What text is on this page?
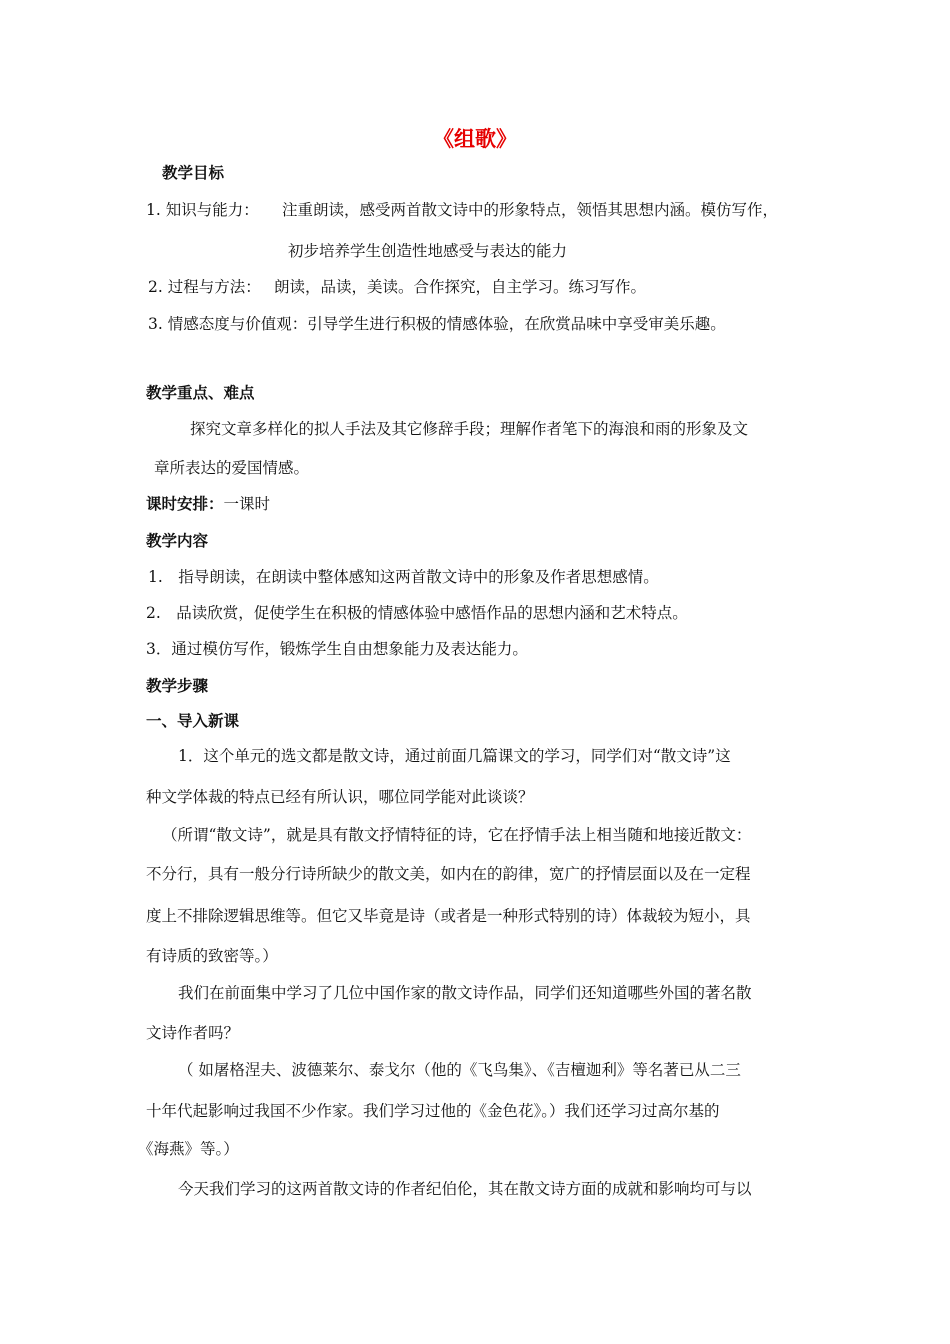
《组歌》
教学目标
1. 知识与能力： 注重朗读，感受两首散文诗中的形象特点，领悟其思想内涵。模仿写作，
初步培养学生创造性地感受与表达的能力
2. 过程与方法： 朗读，品读，美读。合作探究，自主学习。练习写作。
3. 情感态度与价值观：引导学生进行积极的情感体验，在欣赏品味中享受审美乐趣。
教学重点、难点
探究文章多样化的拟人手法及其它修辞手段；理解作者笔下的海浪和雨的形象及文
章所表达的爱国情感。
课时安排：一课时
教学内容
1.　指导朗读，在朗读中整体感知这两首散文诗中的形象及作者思想感情。
2.　品读欣赏，促使学生在积极的情感体验中感悟作品的思想内涵和艺术特点。
3．通过模仿写作，锻炼学生自由想象能力及表达能力。
教学步骤
一、导入新课
1．这个单元的选文都是散文诗，通过前面几篇课文的学习，同学们对“散文诗”这
种文学体裁的特点已经有所认识，哪位同学能对此谈谈？
（所谓“散文诗”，就是具有散文抒情特征的诗，它在抒情手法上相当随和地接近散文：
不分行，具有一般分行诗所缺少的散文美，如内在的韵律，宽广的抒情层面以及在一定程
度上不排除逻辑思维等。但它又毕竟是诗（或者是一种形式特别的诗）体裁较为短小，具
有诗质的致密等。）
我们在前面集中学习了几位中国作家的散文诗作品，同学们还知道哪些外国的著名散
文诗作者吗？
（ 如屠格涅夫、波德莱尔、泰戈尔（他的《飞鸟集》、《吉檀迦利》等名著已从二三
十年代起影响过我国不少作家。我们学习过他的《金色花》。）我们还学习过高尔基的
《海燕》等。）
今天我们学习的这两首散文诗的作者纪伯伦，其在散文诗方面的成就和影响均可与以
